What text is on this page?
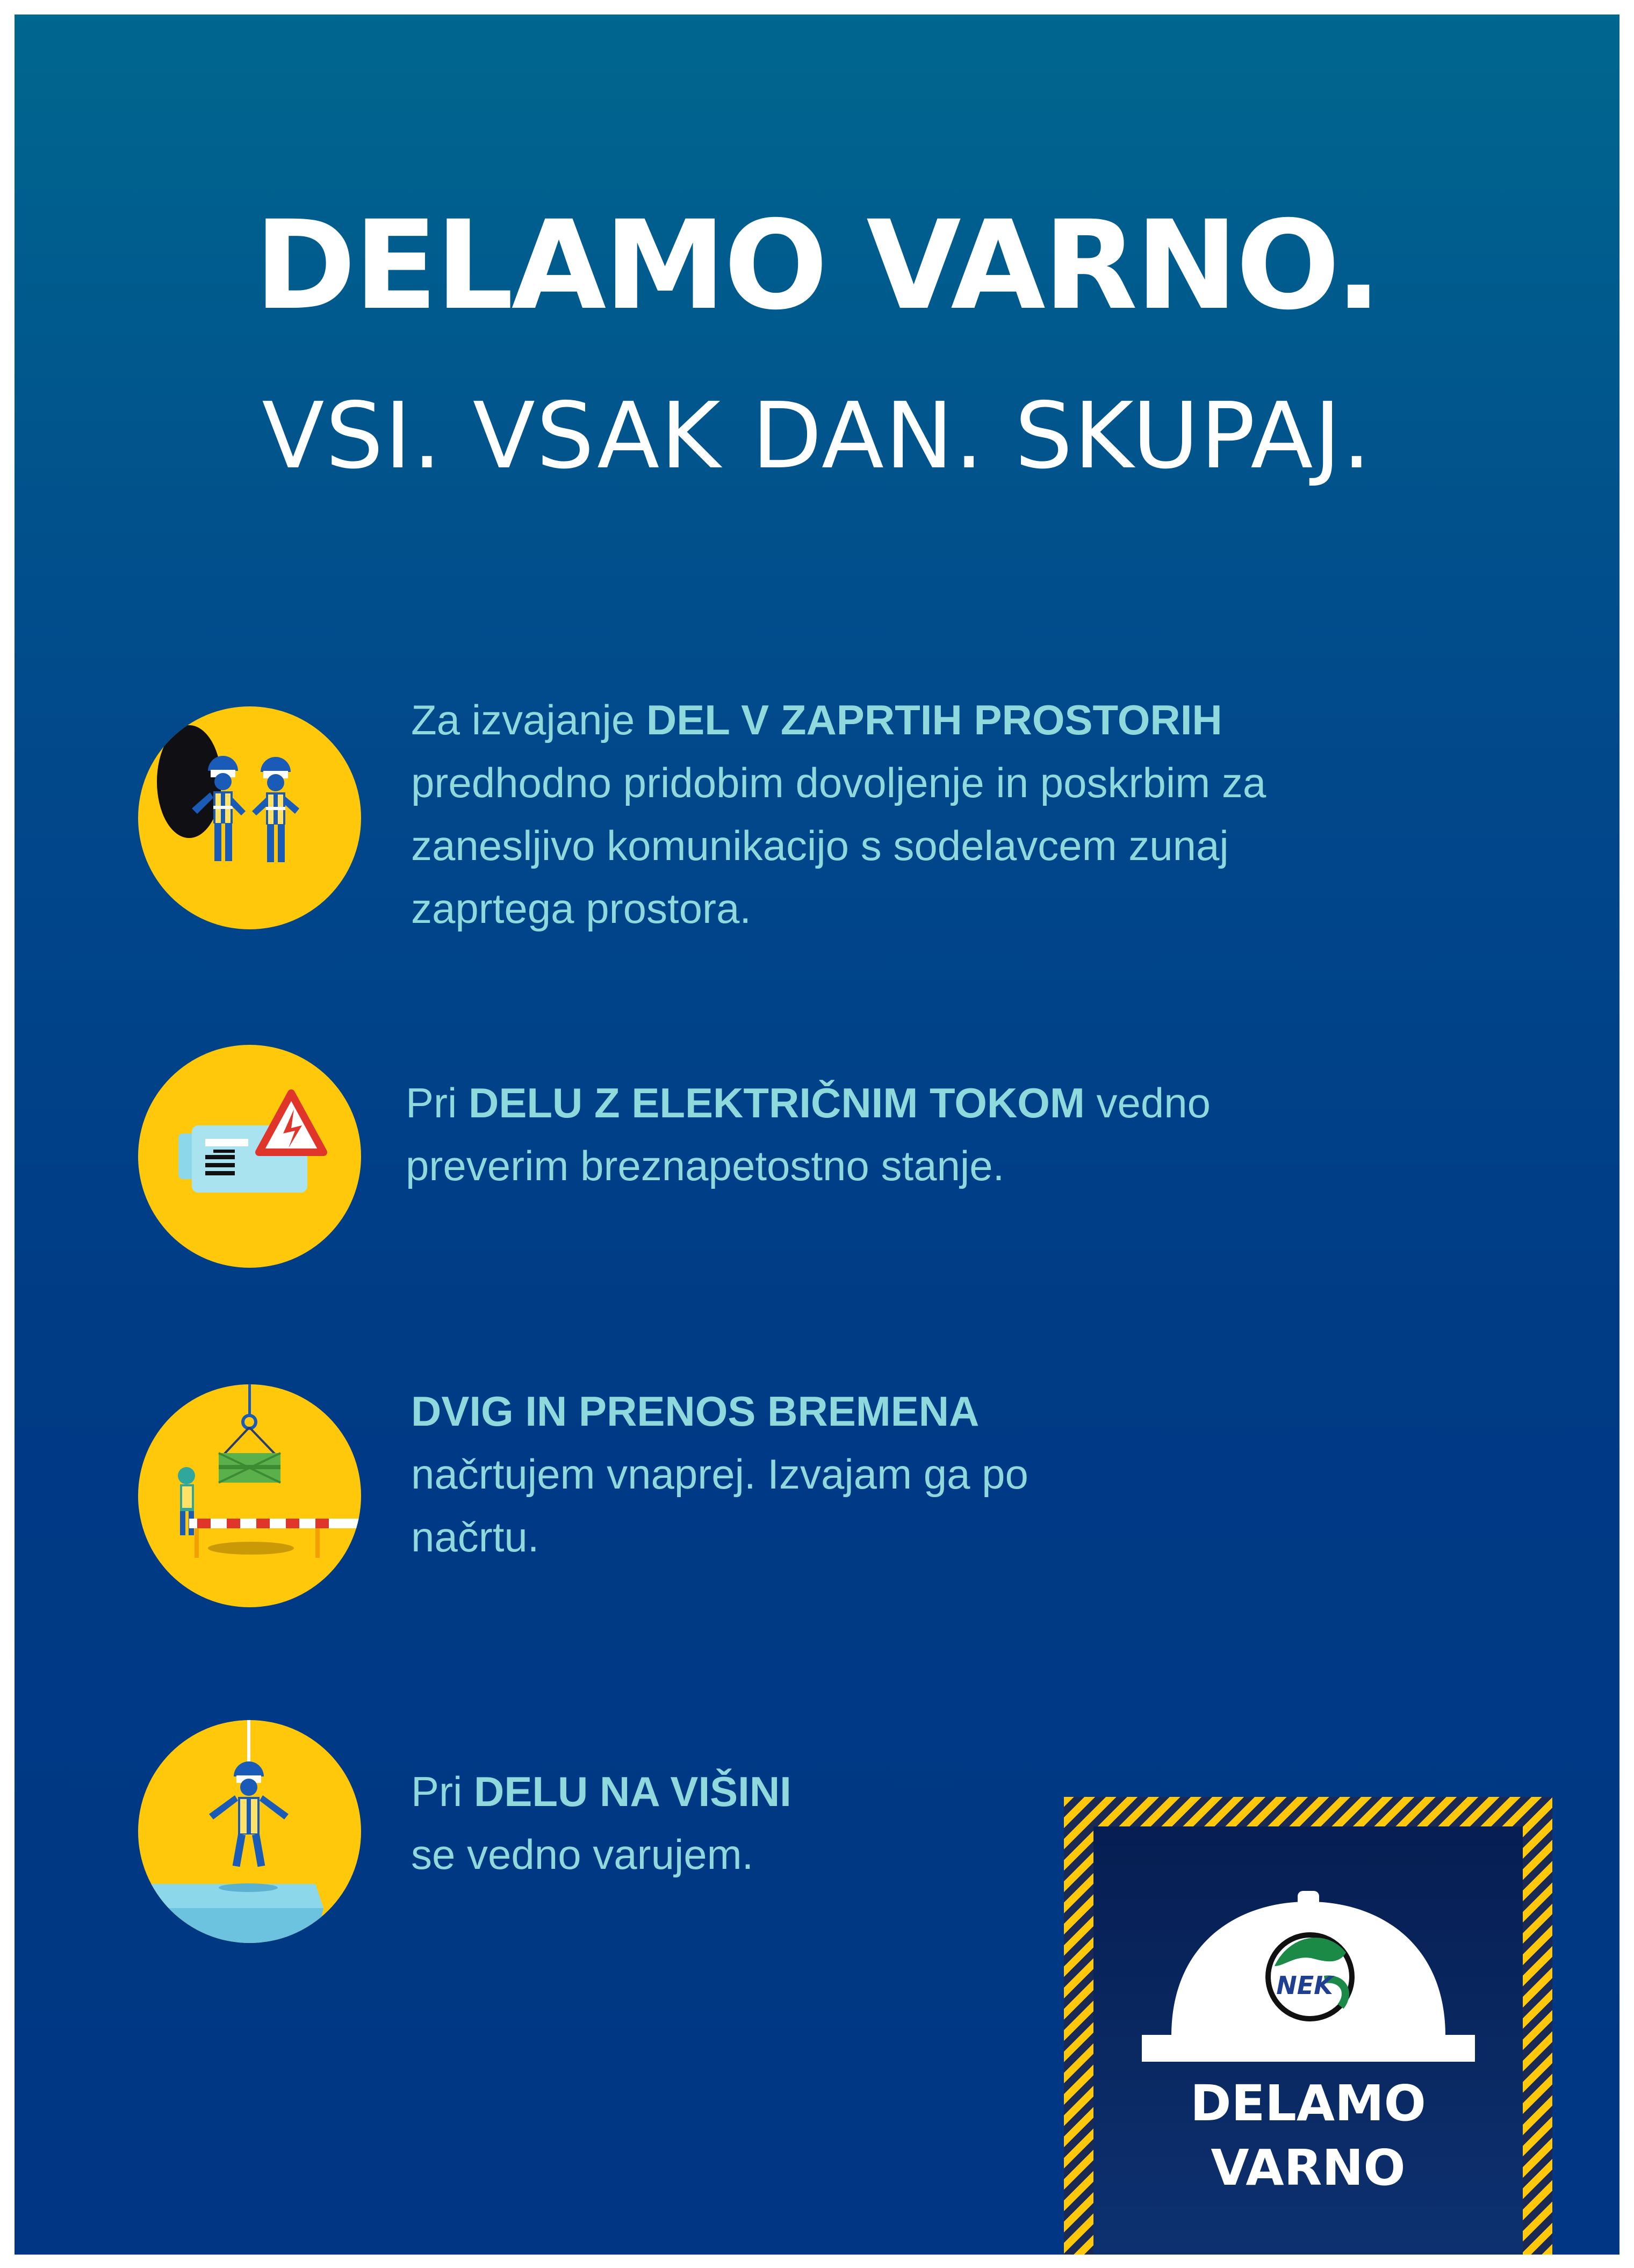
DELAMO VARNO.
VSI. VSAK DAN. SKUPAJ.
Za izvajanje DEL V ZAPRTIH PROSTORIH
predhodno pridobim dovoljenje in poskrbim za
zanesljivo komunikacijo s sodelavcem zunaj
zaprtega prostora.
Pri DELU Z ELEKTRIČNIM TOKOM vedno
preverim breznapetostno stanje.
DVIG IN PRENOS BREMENA
načrtujem vnaprej. Izvajam ga po
načrtu.
Pri DELU NA VIŠINI
se vedno varujem.
NEK
DELAMO
VARNO
